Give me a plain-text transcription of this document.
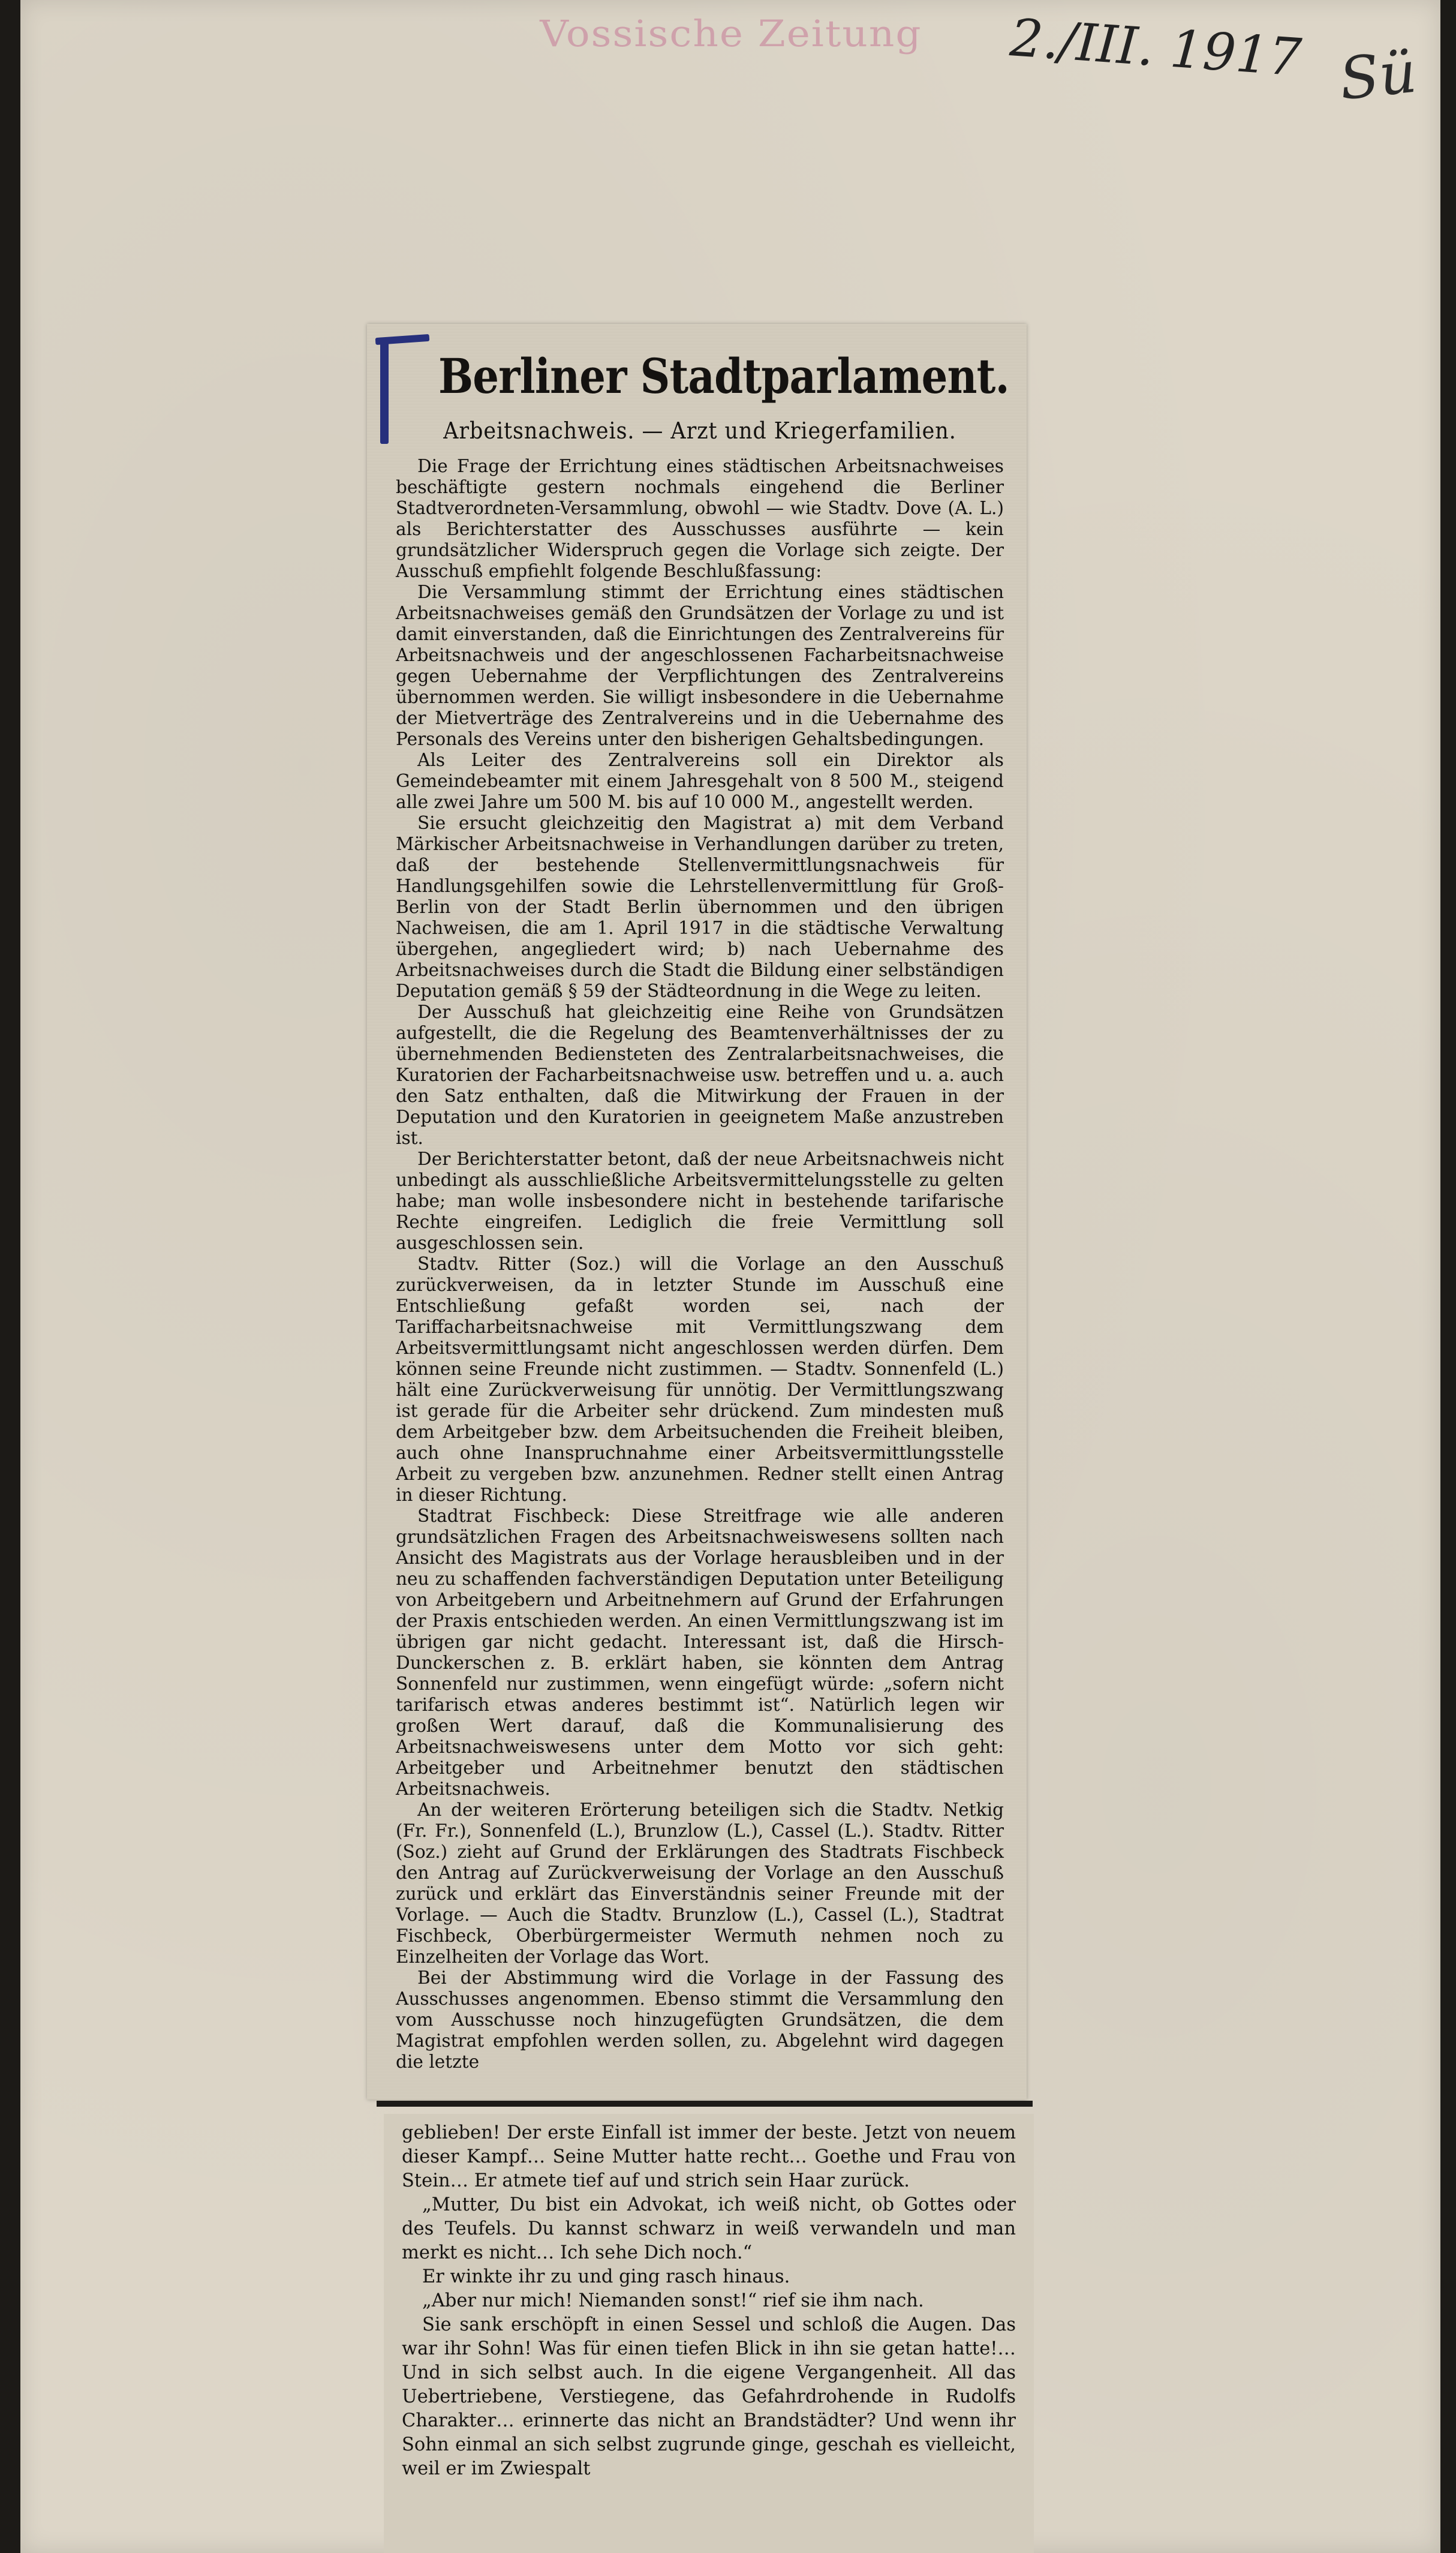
Vossische Zeitung	2./III. 1917 Sü
Berliner Stadtparlament.
Arbeitsnachweis. — Arzt und Kriegerfamilien.

Die Frage der Errichtung eines städtischen Arbeitsnachweises beschäftigte gestern nochmals eingehend die Berliner Stadtverordneten-Versammlung, obwohl — wie Stadtv. Dove (A. L.) als Berichterstatter des Ausschusses ausführte — kein grundsätzlicher Widerspruch gegen die Vorlage sich zeigte. Der Ausschuß empfiehlt folgende Beschlußfassung:

Die Versammlung stimmt der Errichtung eines städtischen Arbeitsnachweises gemäß den Grundsätzen der Vorlage zu und ist damit einverstanden, daß die Einrichtungen des Zentralvereins für Arbeitsnachweis und der angeschlossenen Facharbeitsnachweise gegen Uebernahme der Verpflichtungen des Zentralvereins übernommen werden. Sie willigt insbesondere in die Uebernahme der Mietverträge des Zentralvereins und in die Uebernahme des Personals des Vereins unter den bisherigen Gehaltsbedingungen.

Als Leiter des Zentralvereins soll ein Direktor als Gemeindebeamter mit einem Jahresgehalt von 8 500 M., steigend alle zwei Jahre um 500 M. bis auf 10 000 M., angestellt werden.

Sie ersucht gleichzeitig den Magistrat a) mit dem Verband Märkischer Arbeitsnachweise in Verhandlungen darüber zu treten, daß der bestehende Stellenvermittlungsnachweis für Handlungsgehilfen sowie die Lehrstellenvermittlung für Groß-Berlin von der Stadt Berlin übernommen und den übrigen Nachweisen, die am 1. April 1917 in die städtische Verwaltung übergehen, angegliedert wird; b) nach Uebernahme des Arbeitsnachweises durch die Stadt die Bildung einer selbständigen Deputation gemäß § 59 der Städteordnung in die Wege zu leiten.

Der Ausschuß hat gleichzeitig eine Reihe von Grundsätzen aufgestellt, die die Regelung des Beamtenverhältnisses der zu übernehmenden Bediensteten des Zentralarbeitsnachweises, die Kuratorien der Facharbeitsnachweise usw. betreffen und u. a. auch den Satz enthalten, daß die Mitwirkung der Frauen in der Deputation und den Kuratorien in geeignetem Maße anzustreben ist.

Der Berichterstatter betont, daß der neue Arbeitsnachweis nicht unbedingt als ausschließliche Arbeitsvermittelungsstelle zu gelten habe; man wolle insbesondere nicht in bestehende tarifarische Rechte eingreifen. Lediglich die freie Vermittlung soll ausgeschlossen sein.

Stadtv. Ritter (Soz.) will die Vorlage an den Ausschuß zurückverweisen, da in letzter Stunde im Ausschuß eine Entschließung gefaßt worden sei, nach der Tariffacharbeitsnachweise mit Vermittlungszwang dem Arbeitsvermittlungsamt nicht angeschlossen werden dürfen. Dem können seine Freunde nicht zustimmen. — Stadtv. Sonnenfeld (L.) hält eine Zurückverweisung für unnötig. Der Vermittlungszwang ist gerade für die Arbeiter sehr drückend. Zum mindesten muß dem Arbeitgeber bzw. dem Arbeitsuchenden die Freiheit bleiben, auch ohne Inanspruchnahme einer Arbeitsvermittlungsstelle Arbeit zu vergeben bzw. anzunehmen. Redner stellt einen Antrag in dieser Richtung.

Stadtrat Fischbeck: Diese Streitfrage wie alle anderen grundsätzlichen Fragen des Arbeitsnachweiswesens sollten nach Ansicht des Magistrats aus der Vorlage herausbleiben und in der neu zu schaffenden fachverständigen Deputation unter Beteiligung von Arbeitgebern und Arbeitnehmern auf Grund der Erfahrungen der Praxis entschieden werden. An einen Vermittlungszwang ist im übrigen gar nicht gedacht. Interessant ist, daß die Hirsch-Dunckerschen z. B. erklärt haben, sie könnten dem Antrag Sonnenfeld nur zustimmen, wenn eingefügt würde: „sofern nicht tarifarisch etwas anderes bestimmt ist“. Natürlich legen wir großen Wert darauf, daß die Kommunalisierung des Arbeitsnachweiswesens unter dem Motto vor sich geht: Arbeitgeber und Arbeitnehmer benutzt den städtischen Arbeitsnachweis.

An der weiteren Erörterung beteiligen sich die Stadtv. Netkig (Fr. Fr.), Sonnenfeld (L.), Brunzlow (L.), Cassel (L.). Stadtv. Ritter (Soz.) zieht auf Grund der Erklärungen des Stadtrats Fischbeck den Antrag auf Zurückverweisung der Vorlage an den Ausschuß zurück und erklärt das Einverständnis seiner Freunde mit der Vorlage. — Auch die Stadtv. Brunzlow (L.), Cassel (L.), Stadtrat Fischbeck, Oberbürgermeister Wermuth nehmen noch zu Einzelheiten der Vorlage das Wort.

Bei der Abstimmung wird die Vorlage in der Fassung des Ausschusses angenommen. Ebenso stimmt die Versammlung den vom Ausschusse noch hinzugefügten Grundsätzen, die dem Magistrat empfohlen werden sollen, zu. Abgelehnt wird dagegen die letzte

geblieben! Der erste Einfall ist immer der beste. Jetzt von neuem dieser Kampf… Seine Mutter hatte recht… Goethe und Frau von Stein… Er atmete tief auf und strich sein Haar zurück.

„Mutter, Du bist ein Advokat, ich weiß nicht, ob Gottes oder des Teufels. Du kannst schwarz in weiß verwandeln und man merkt es nicht… Ich sehe Dich noch.“

Er winkte ihr zu und ging rasch hinaus.

„Aber nur mich! Niemanden sonst!“ rief sie ihm nach.

Sie sank erschöpft in einen Sessel und schloß die Augen. Das war ihr Sohn! Was für einen tiefen Blick in ihn sie getan hatte!… Und in sich selbst auch. In die eigene Vergangenheit. All das Uebertriebene, Verstiegene, das Gefahrdrohende in Rudolfs Charakter… erinnerte das nicht an Brandstädter? Und wenn ihr Sohn einmal an sich selbst zugrunde ginge, geschah es vielleicht, weil er im Zwiespalt
